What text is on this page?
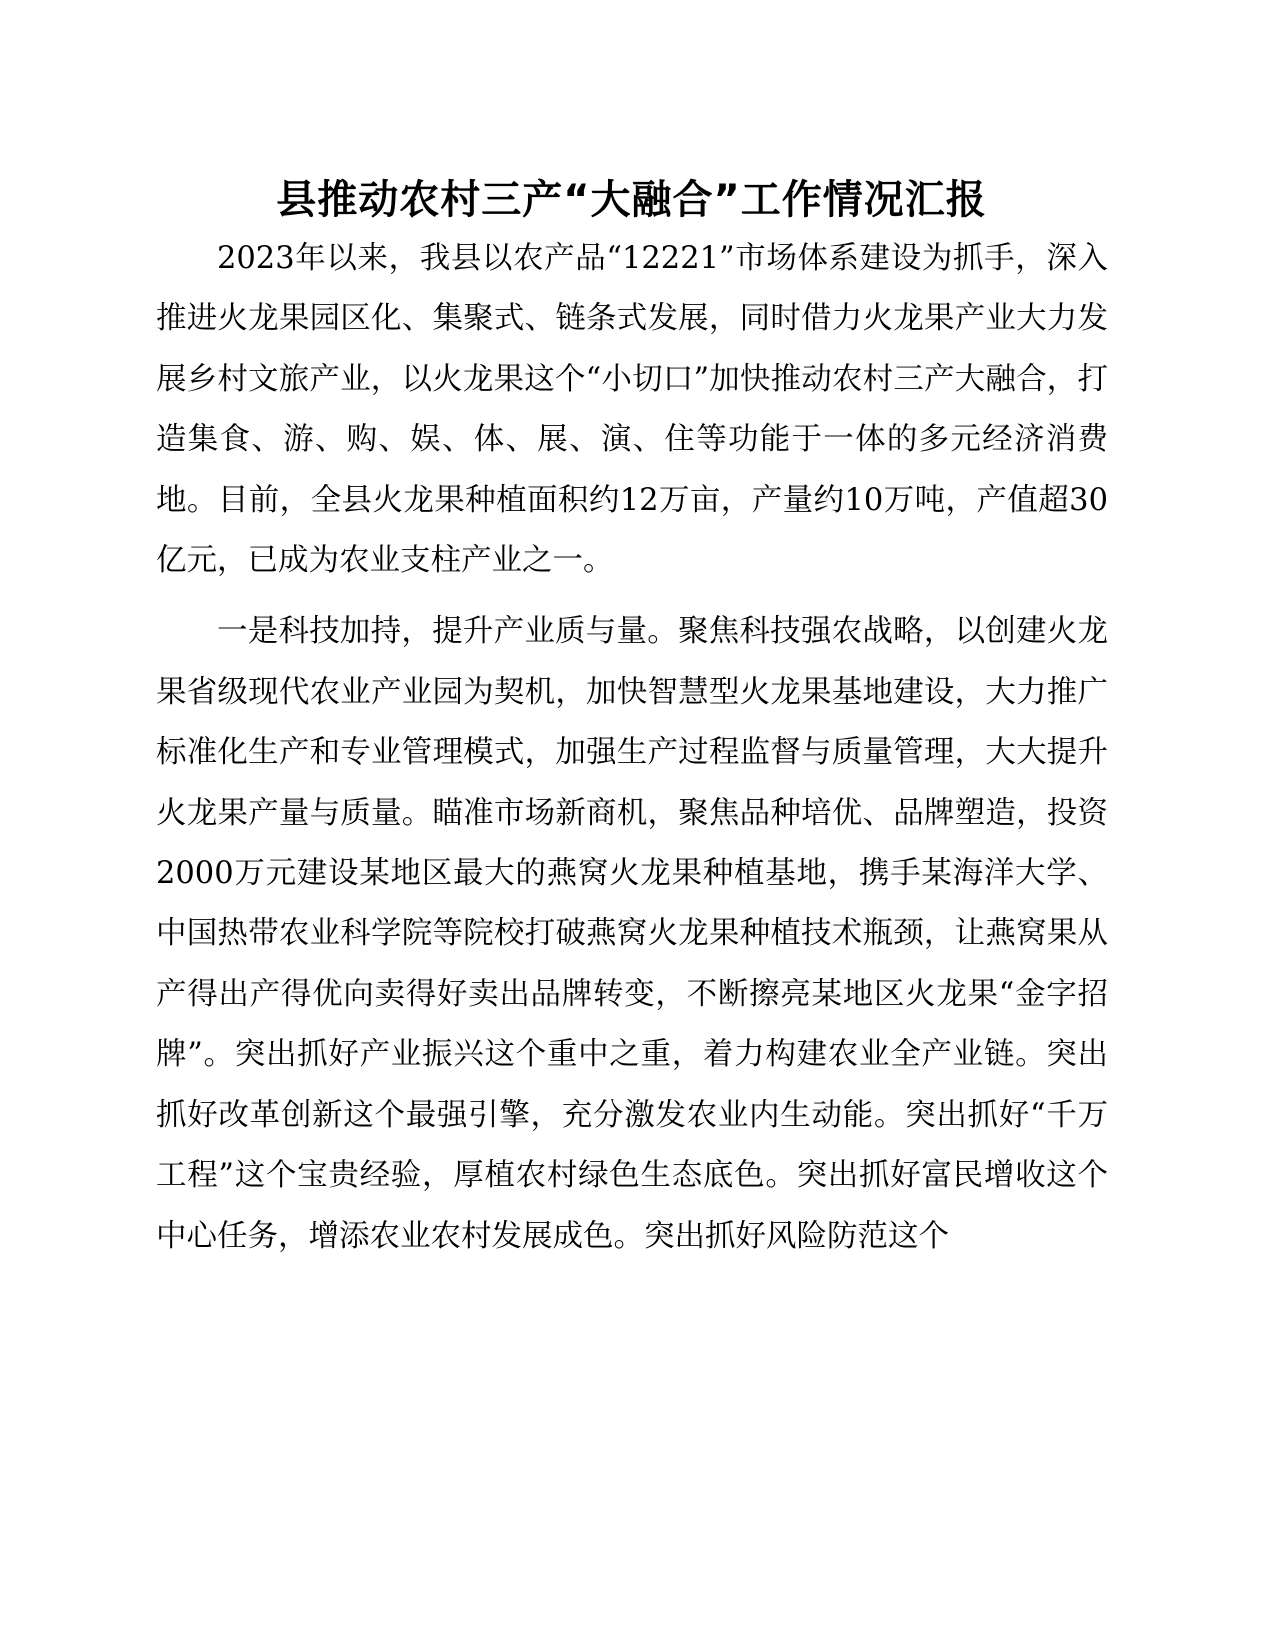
县推动农村三产“大融合”工作情况汇报

2023年以来，我县以农产品“12221”市场体系建设为抓手，深入推进火龙果园区化、集聚式、链条式发展，同时借力火龙果产业大力发展乡村文旅产业，以火龙果这个“小切口”加快推动农村三产大融合，打造集食、游、购、娱、体、展、演、住等功能于一体的多元经济消费地。目前，全县火龙果种植面积约12万亩，产量约10万吨，产值超30亿元，已成为农业支柱产业之一。

一是科技加持，提升产业质与量。聚焦科技强农战略，以创建火龙果省级现代农业产业园为契机，加快智慧型火龙果基地建设，大力推广标准化生产和专业管理模式，加强生产过程监督与质量管理，大大提升火龙果产量与质量。瞄准市场新商机，聚焦品种培优、品牌塑造，投资2000万元建设某地区最大的燕窝火龙果种植基地，携手某海洋大学、中国热带农业科学院等院校打破燕窝火龙果种植技术瓶颈，让燕窝果从产得出产得优向卖得好卖出品牌转变，不断擦亮某地区火龙果“金字招牌”。突出抓好产业振兴这个重中之重，着力构建农业全产业链。突出抓好改革创新这个最强引擎，充分激发农业内生动能。突出抓好“千万工程”这个宝贵经验，厚植农村绿色生态底色。突出抓好富民增收这个中心任务，增添农业农村发展成色。突出抓好风险防范这个
